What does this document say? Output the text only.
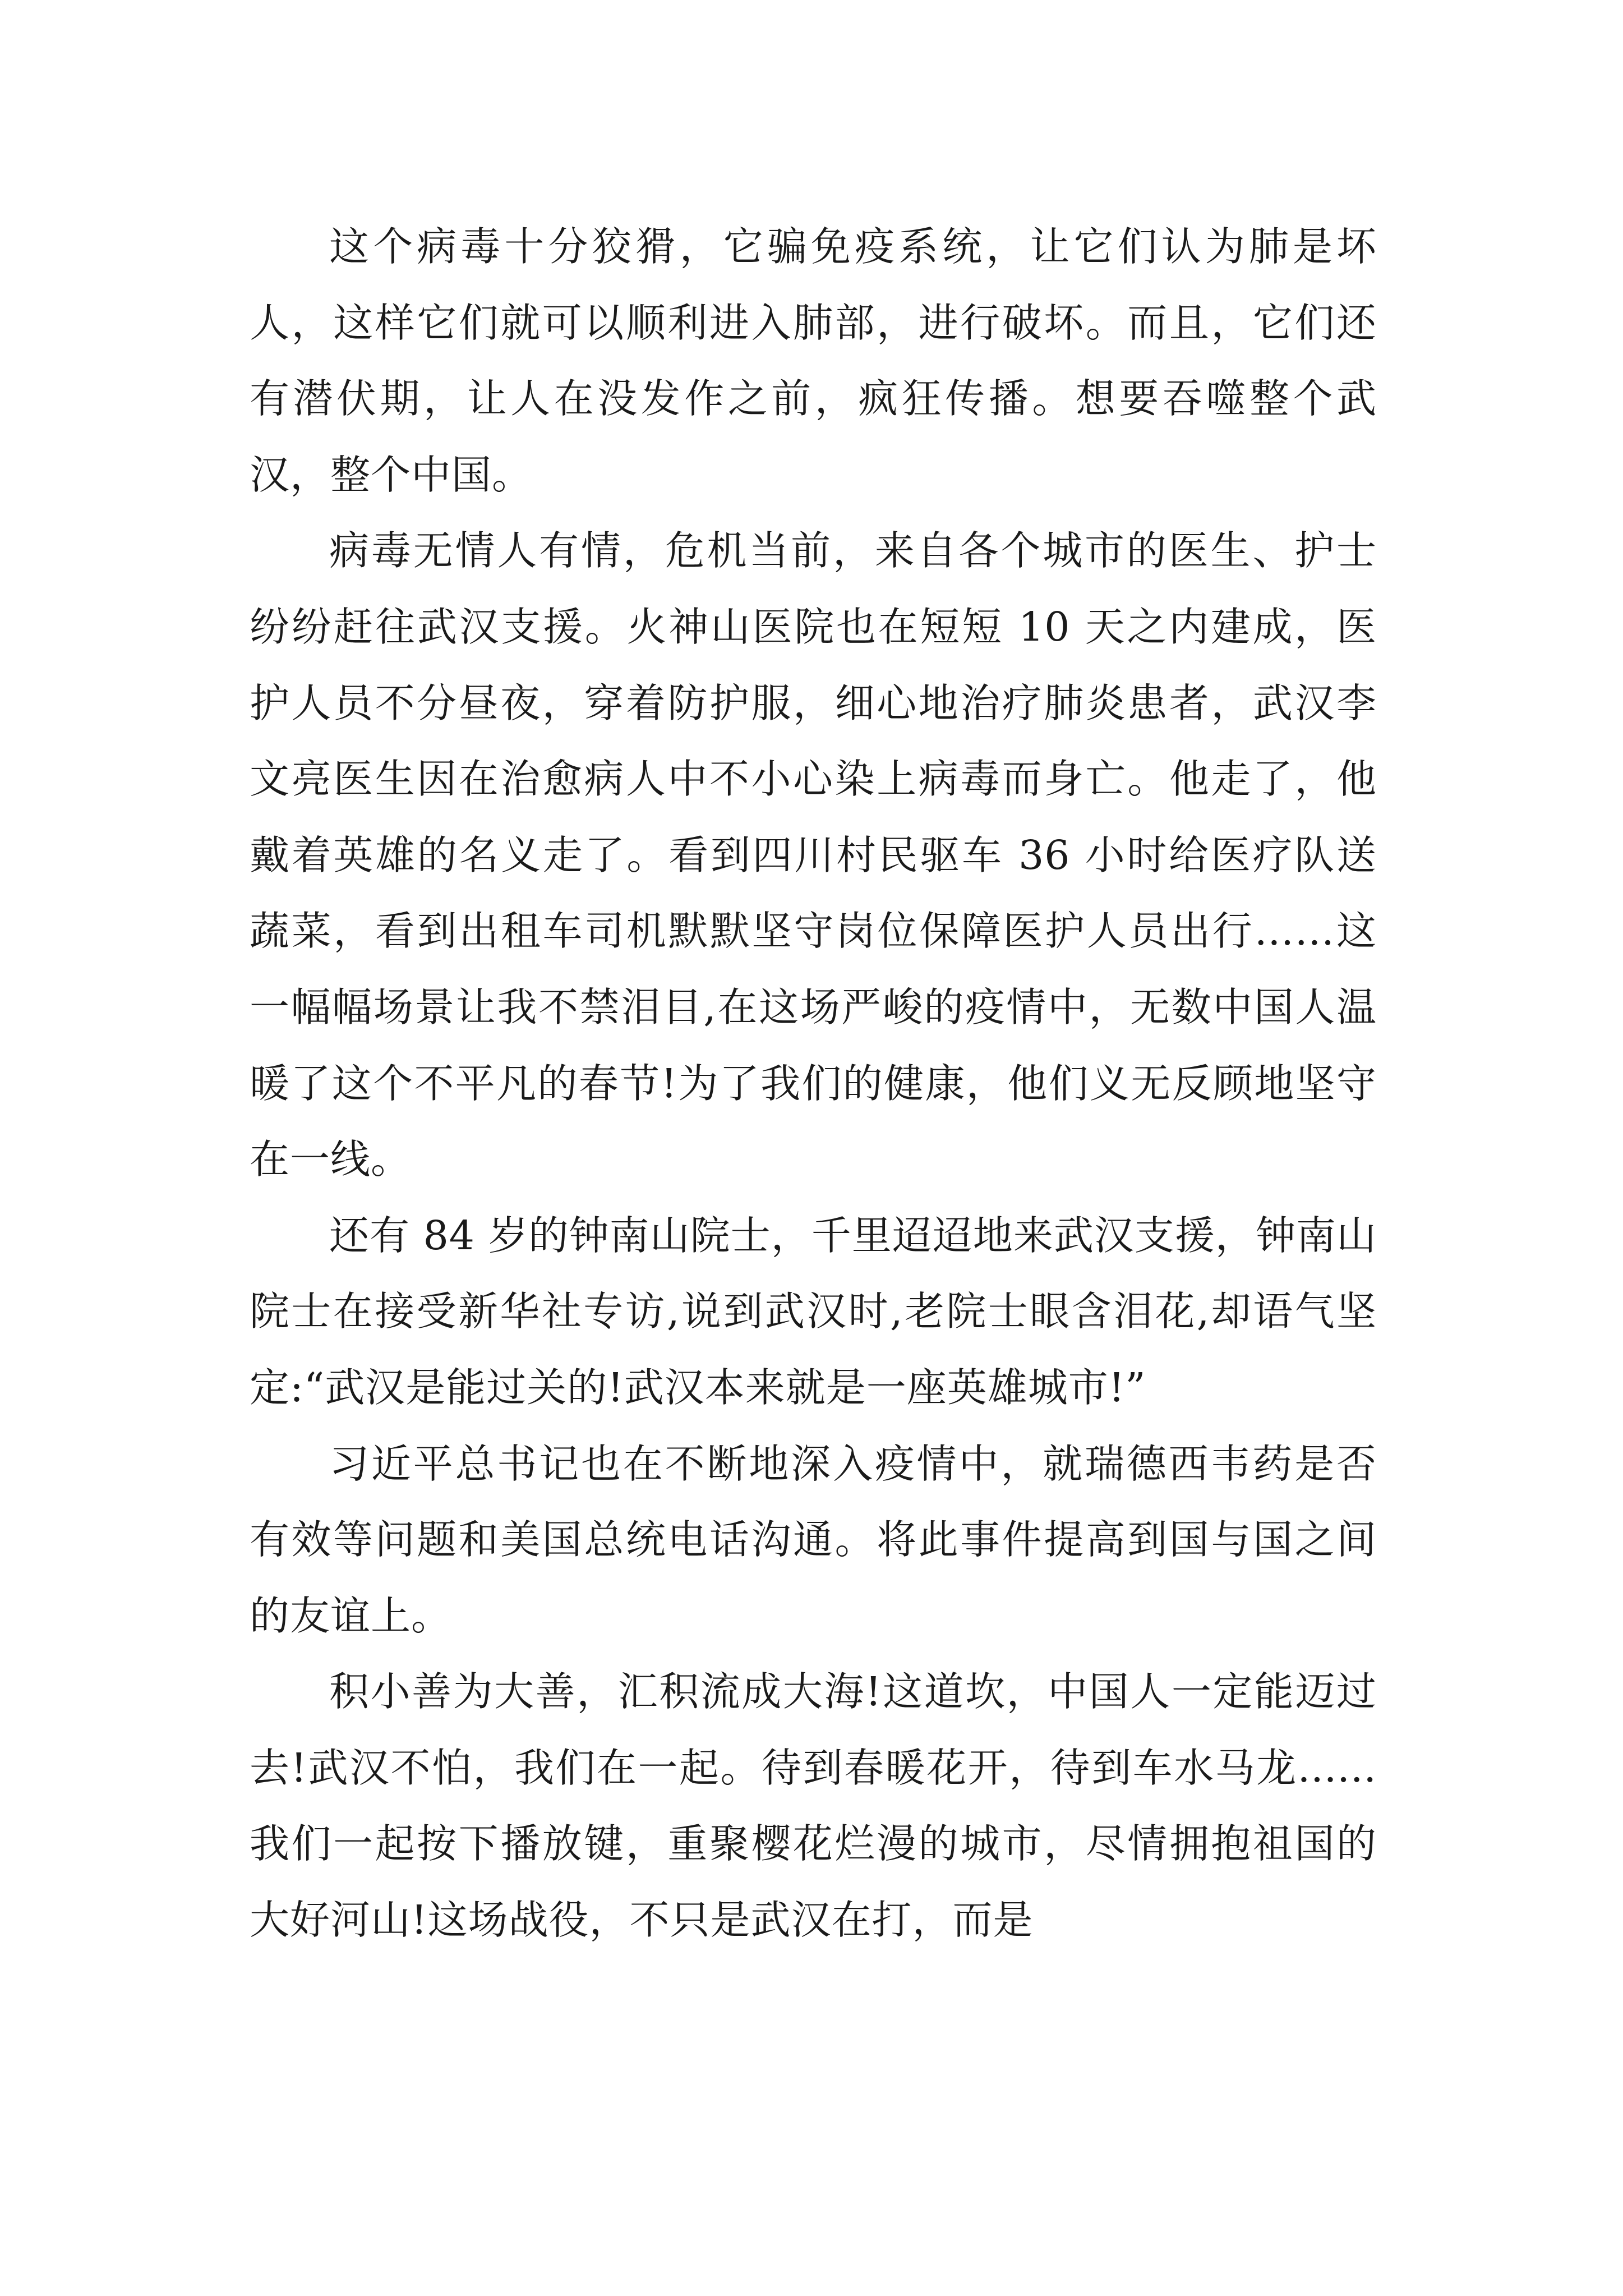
这个病毒十分狡猾，它骗免疫系统，让它们认为肺是坏人，这样它们就可以顺利进入肺部，进行破坏。而且，它们还有潜伏期，让人在没发作之前，疯狂传播。想要吞噬整个武汉，整个中国。

病毒无情人有情，危机当前，来自各个城市的医生、护士纷纷赶往武汉支援。火神山医院也在短短 10 天之内建成，医护人员不分昼夜，穿着防护服，细心地治疗肺炎患者，武汉李文亮医生因在治愈病人中不小心染上病毒而身亡。他走了，他戴着英雄的名义走了。看到四川村民驱车 36 小时给医疗队送蔬菜，看到出租车司机默默坚守岗位保障医护人员出行……这一幅幅场景让我不禁泪目,在这场严峻的疫情中，无数中国人温暖了这个不平凡的春节!为了我们的健康，他们义无反顾地坚守在一线。

还有 84 岁的钟南山院士，千里迢迢地来武汉支援，钟南山院士在接受新华社专访,说到武汉时,老院士眼含泪花,却语气坚定:“武汉是能过关的!武汉本来就是一座英雄城市!”

习近平总书记也在不断地深入疫情中，就瑞德西韦药是否有效等问题和美国总统电话沟通。将此事件提高到国与国之间的友谊上。

积小善为大善，汇积流成大海!这道坎，中国人一定能迈过去!武汉不怕，我们在一起。待到春暖花开，待到车水马龙......我们一起按下播放键，重聚樱花烂漫的城市，尽情拥抱祖国的大好河山!这场战役，不只是武汉在打，而是
